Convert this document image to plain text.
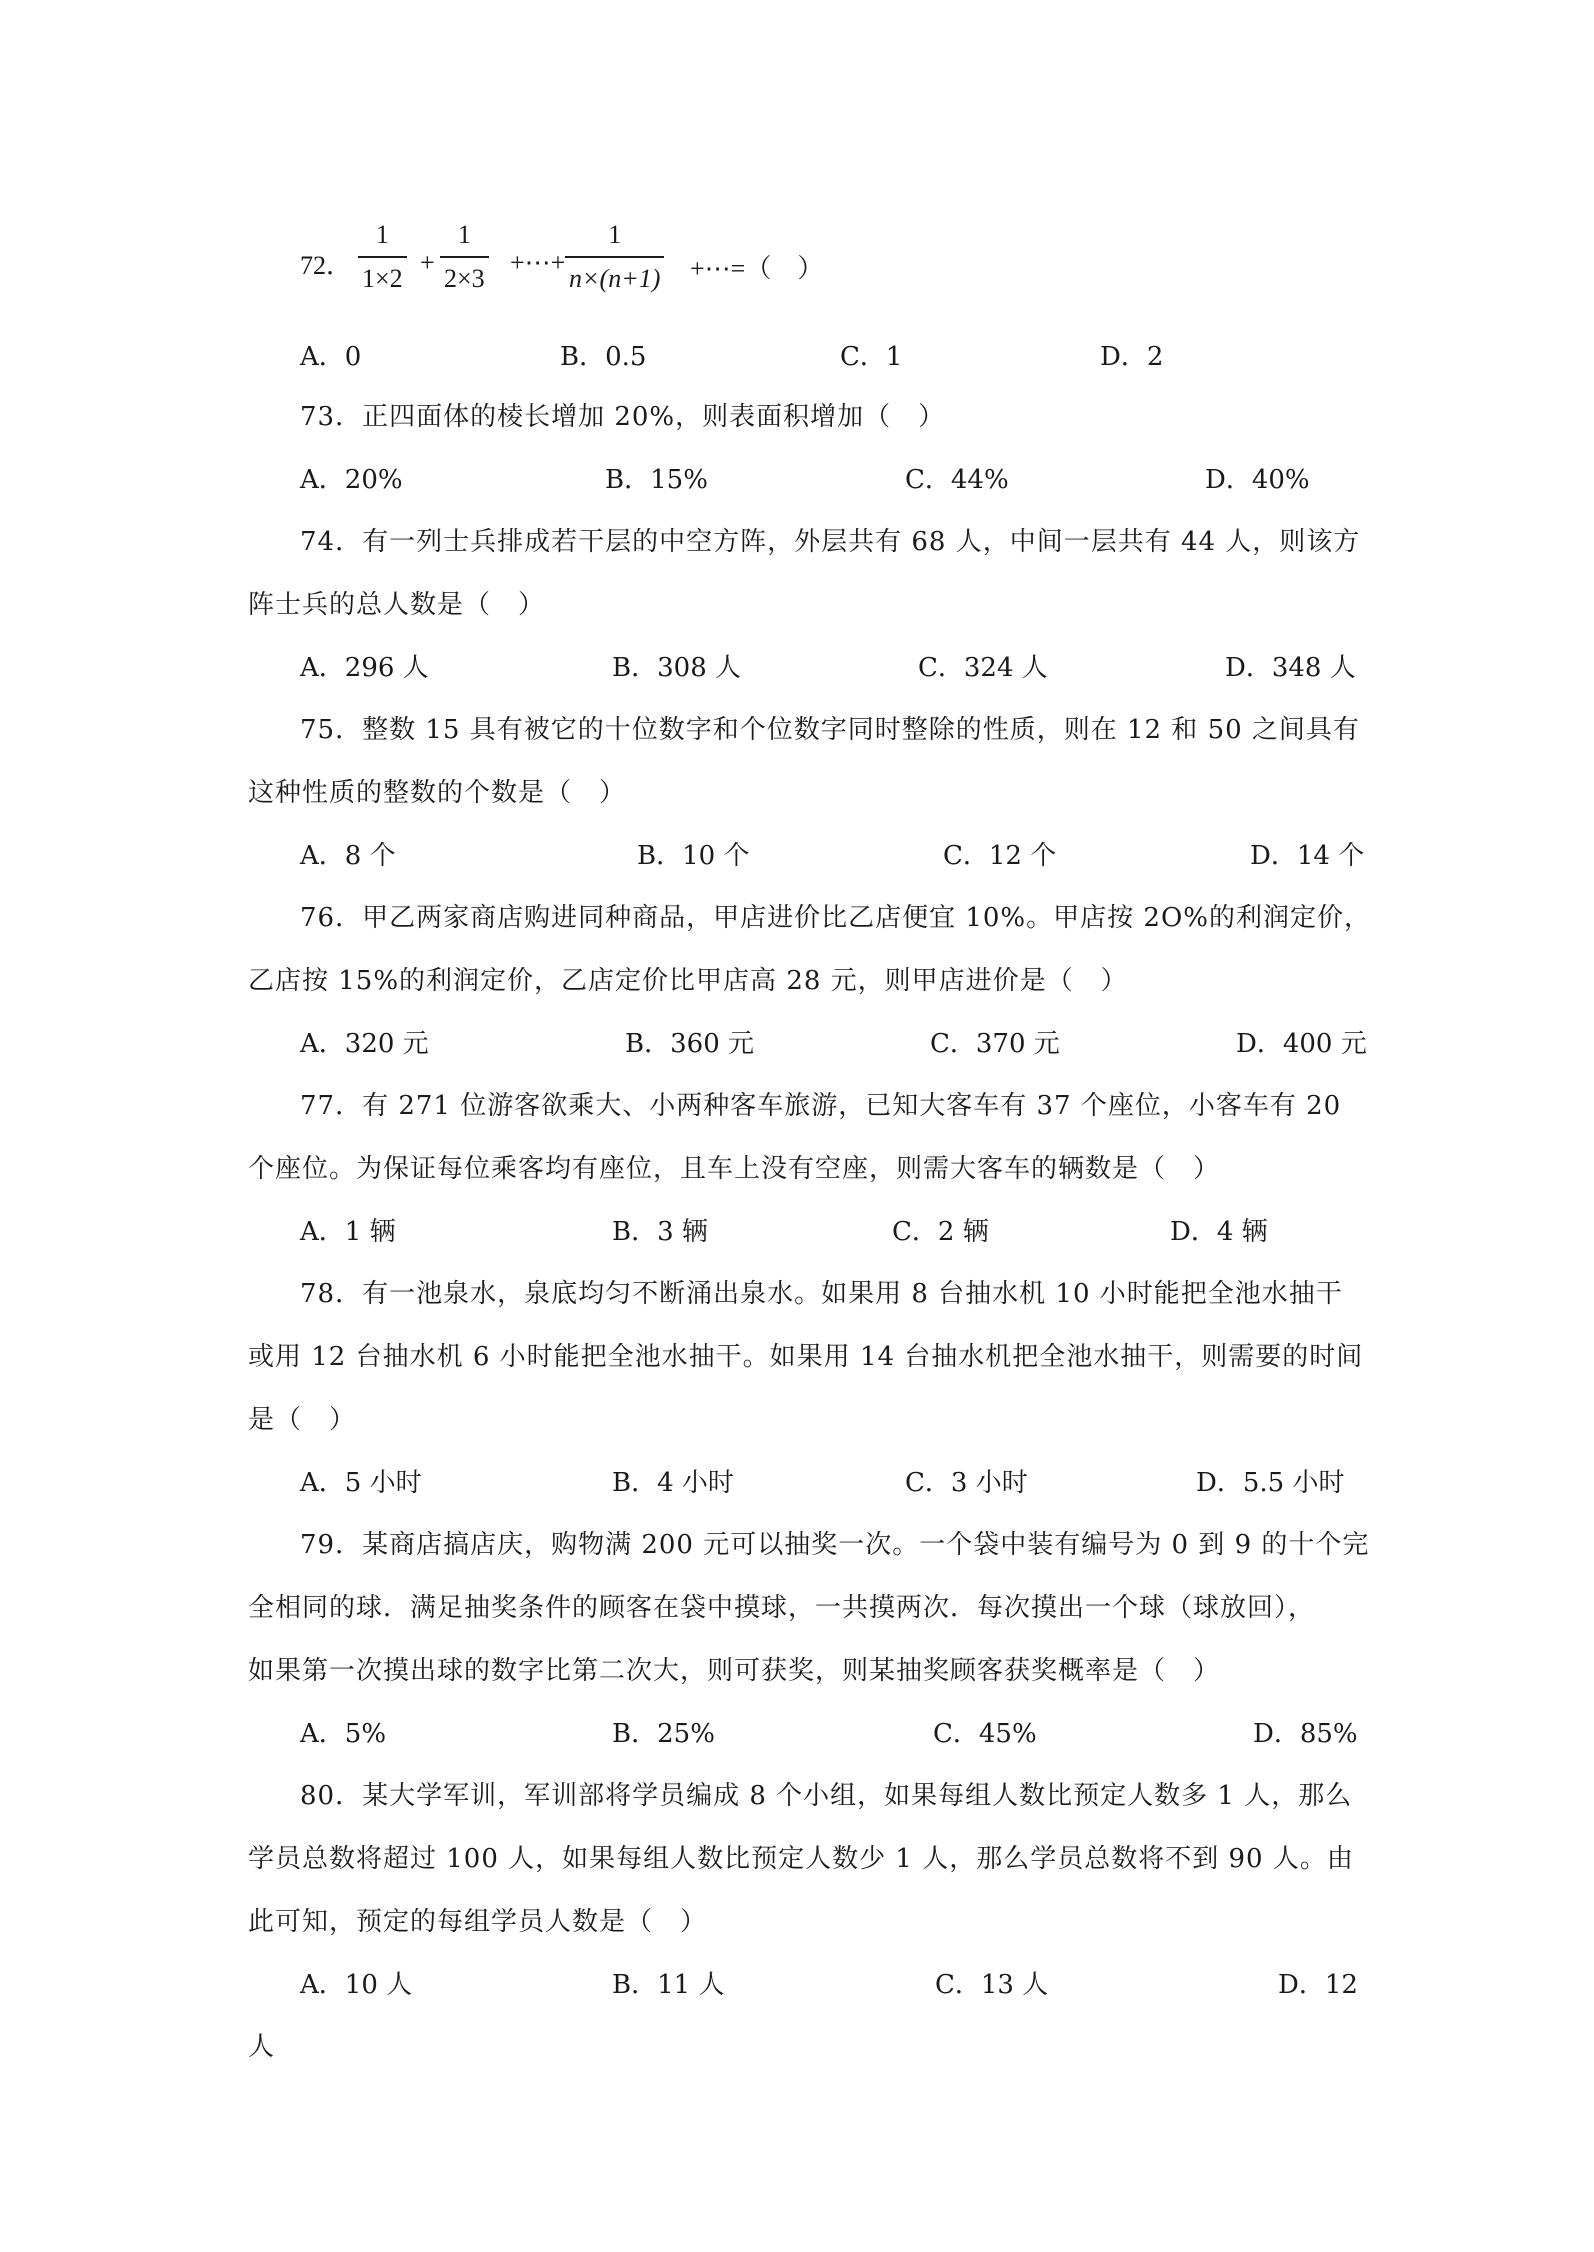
72．
1
1×2
+
1
2×3
+⋯+
1
n×(n+1) +⋯=（　）
A．0	B．0.5	C．1	D．2
73．正四面体的棱长增加 20%，则表面积增加（　）
A．20%	B．15%	C．44%	D．40%
74．有一列士兵排成若干层的中空方阵，外层共有 68 人，中间一层共有 44 人，则该方
阵士兵的总人数是（　）
A．296 人	B．308 人	C．324 人	D．348 人
75．整数 15 具有被它的十位数字和个位数字同时整除的性质，则在 12 和 50 之间具有
这种性质的整数的个数是（　）
A．8 个	B．10 个	C．12 个	D．14 个
76．甲乙两家商店购进同种商品，甲店进价比乙店便宜 10%。甲店按 2O%的利润定价，
乙店按 15%的利润定价，乙店定价比甲店高 28 元，则甲店进价是（　）
A．320 元	B．360 元	C．370 元	D．400 元
77．有 271 位游客欲乘大、小两种客车旅游，已知大客车有 37 个座位，小客车有 20
个座位。为保证每位乘客均有座位，且车上没有空座，则需大客车的辆数是（　）
A．1 辆	B．3 辆	C．2 辆	D．4 辆
78．有一池泉水，泉底均匀不断涌出泉水。如果用 8 台抽水机 10 小时能把全池水抽干
或用 12 台抽水机 6 小时能把全池水抽干。如果用 14 台抽水机把全池水抽干，则需要的时间
是（　）
A．5 小时	B．4 小时	C．3 小时	D．5.5 小时
79．某商店搞店庆，购物满 200 元可以抽奖一次。一个袋中装有编号为 0 到 9 的十个完
全相同的球．满足抽奖条件的顾客在袋中摸球，一共摸两次．每次摸出一个球（球放回），
如果第一次摸出球的数字比第二次大，则可获奖，则某抽奖顾客获奖概率是（　）
A．5%	B．25%	C．45%	D．85%
80．某大学军训，军训部将学员编成 8 个小组，如果每组人数比预定人数多 1 人，那么
学员总数将超过 100 人，如果每组人数比预定人数少 1 人，那么学员总数将不到 90 人。由
此可知，预定的每组学员人数是（　）
A．10 人	B．11 人	C．13 人	D．12
人
